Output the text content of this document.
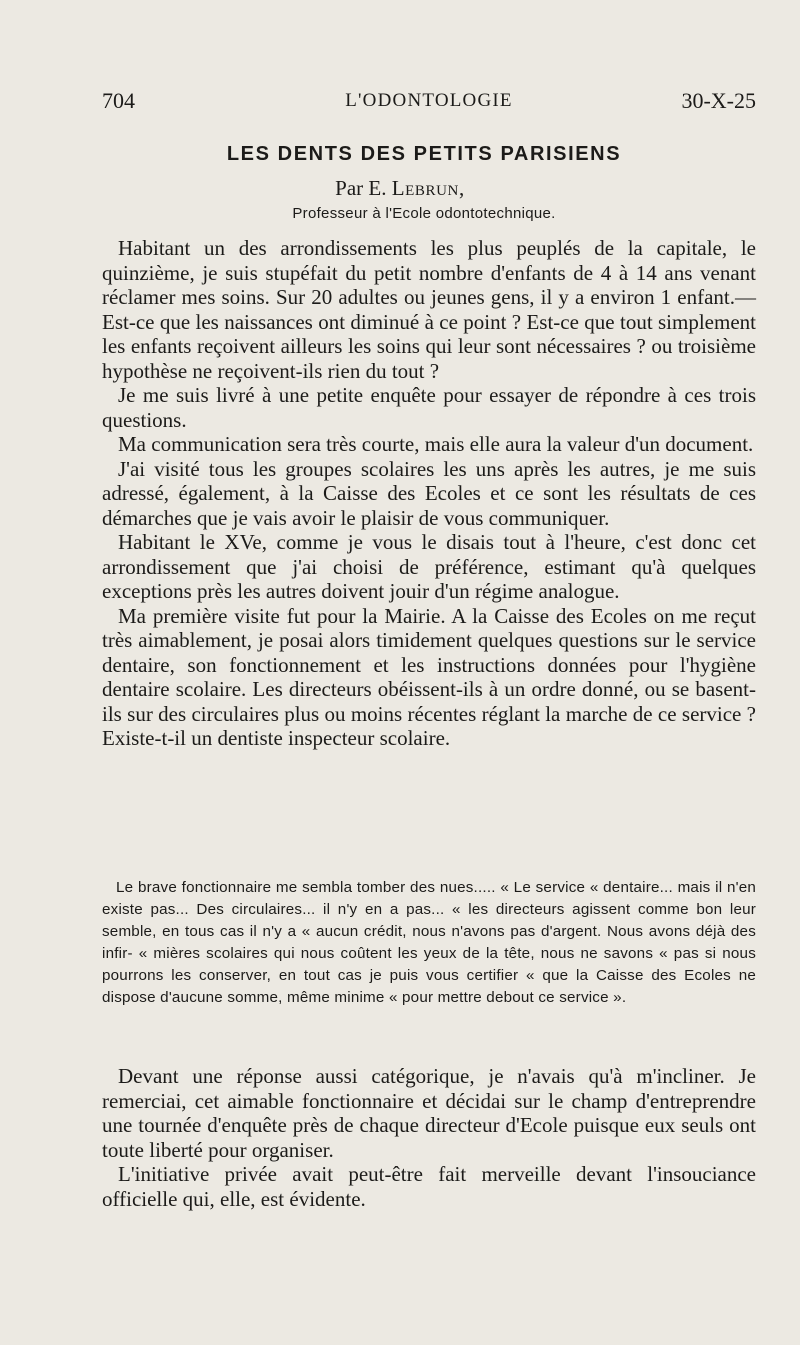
704	L'ODONTOLOGIE	30-X-25
LES DENTS DES PETITS PARISIENS
Par E. Lebrun,
Professeur à l'Ecole odontotechnique.

Habitant un des arrondissements les plus peuplés de la capitale, le quinzième, je suis stupéfait du petit nombre d'enfants de 4 à 14 ans venant réclamer mes soins. Sur 20 adultes ou jeunes gens, il y a environ 1 enfant.— Est-ce que les naissances ont diminué à ce point ? Est-ce que tout simplement les enfants reçoivent ailleurs les soins qui leur sont nécessaires ? ou troisième hypothèse ne reçoivent-ils rien du tout ?

Je me suis livré à une petite enquête pour essayer de répondre à ces trois questions.

Ma communication sera très courte, mais elle aura la valeur d'un document.

J'ai visité tous les groupes scolaires les uns après les autres, je me suis adressé, également, à la Caisse des Ecoles et ce sont les résultats de ces démarches que je vais avoir le plaisir de vous communiquer.

Habitant le XVe, comme je vous le disais tout à l'heure, c'est donc cet arrondissement que j'ai choisi de préférence, estimant qu'à quelques exceptions près les autres doivent jouir d'un régime analogue.

Ma première visite fut pour la Mairie. A la Caisse des Ecoles on me reçut très aimablement, je posai alors timidement quelques questions sur le service dentaire, son fonctionnement et les instructions données pour l'hygiène dentaire scolaire. Les directeurs obéissent-ils à un ordre donné, ou se basent-ils sur des circulaires plus ou moins récentes réglant la marche de ce service ? Existe-t-il un dentiste inspecteur scolaire.

Le brave fonctionnaire me sembla tomber des nues..... « Le service « dentaire... mais il n'en existe pas... Des circulaires... il n'y en a pas... « les directeurs agissent comme bon leur semble, en tous cas il n'y a « aucun crédit, nous n'avons pas d'argent. Nous avons déjà des infir- « mières scolaires qui nous coûtent les yeux de la tête, nous ne savons « pas si nous pourrons les conserver, en tout cas je puis vous certifier « que la Caisse des Ecoles ne dispose d'aucune somme, même minime « pour mettre debout ce service ».

Devant une réponse aussi catégorique, je n'avais qu'à m'incliner. Je remerciai, cet aimable fonctionnaire et décidai sur le champ d'entreprendre une tournée d'enquête près de chaque directeur d'Ecole puisque eux seuls ont toute liberté pour organiser.

L'initiative privée avait peut-être fait merveille devant l'insouciance officielle qui, elle, est évidente.
